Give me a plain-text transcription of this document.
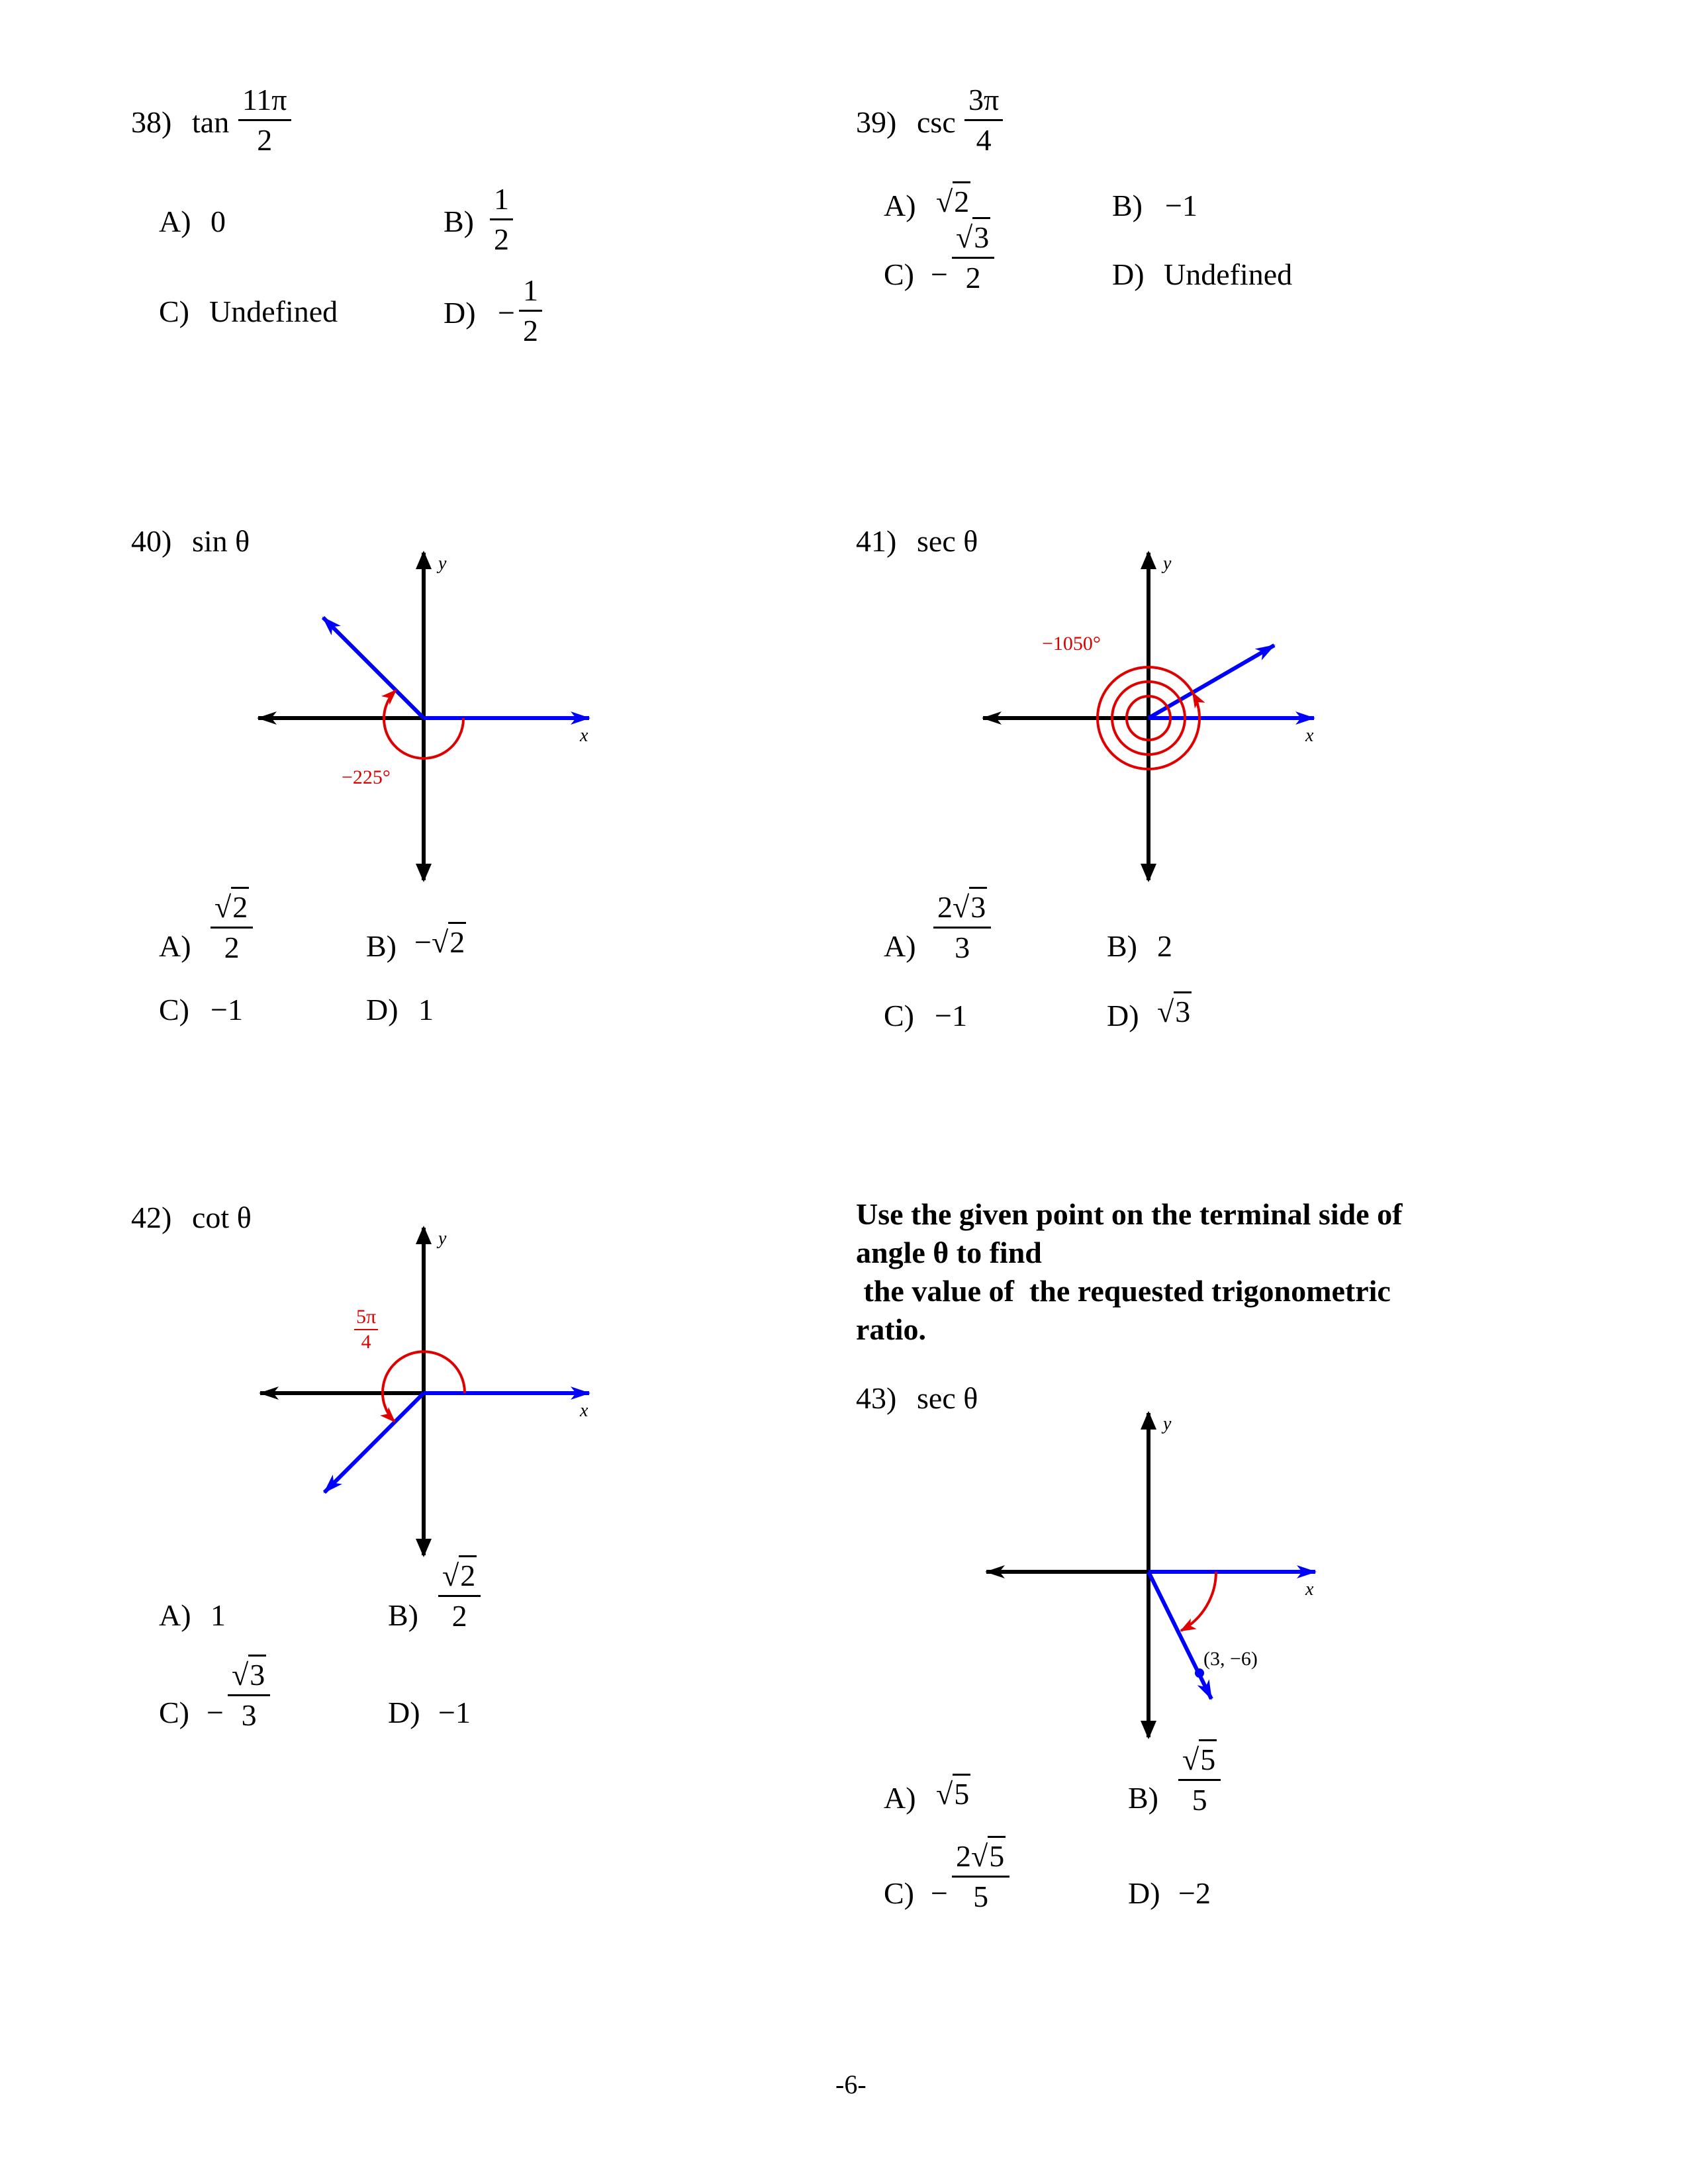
38) $\tan \frac{11\pi}{2}$
A) 0	$B) \frac{1}{2}$
C) Undefined	$D) - \frac{1}{2}$
39) $\csc \frac{3\pi}{4}$
A) √2	B) −1
$C) - \frac{√3}{2}$	D) Undefined
40) sin θ
y
x
−225°
$A) \frac{√2}{2}$	B) −√2
C) −1	D) 1
41) sec θ
y
x
−1050°
$A) \frac{2√3}{3}$	B) 2
C) −1	D) √3
42) cot θ
y
x
$\frac{5\pi}{4}$
A) 1	$B) \frac{√2}{2}$
$C) - \frac{√3}{3}$	D) −1
Use the given point on the terminal side of
angle θ to find
the value of  the requested trigonometric
ratio.
43) sec θ
y
x
(3, −6)
A) √5	$B) \frac{√5}{5}$
$C) - \frac{2√5}{5}$	D) −2
-6-
